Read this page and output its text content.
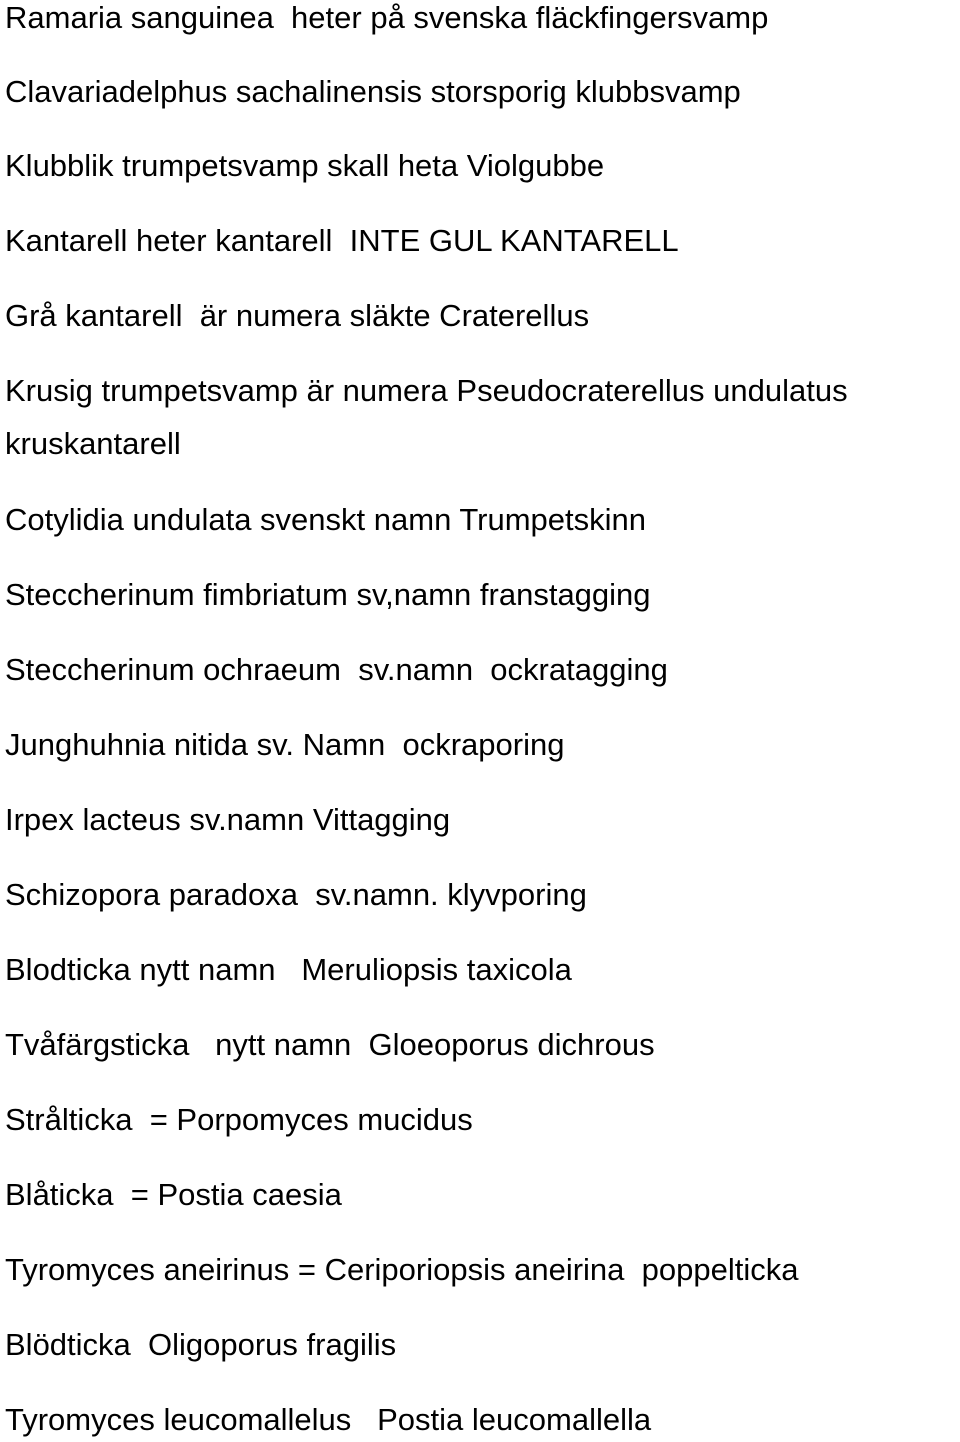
Ramaria sanguinea  heter på svenska fläckfingersvamp
Clavariadelphus sachalinensis storsporig klubbsvamp
Klubblik trumpetsvamp skall heta Violgubbe
Kantarell heter kantarell  INTE GUL KANTARELL
Grå kantarell  är numera släkte Craterellus
Krusig trumpetsvamp är numera Pseudocraterellus undulatus
kruskantarell
Cotylidia undulata svenskt namn Trumpetskinn
Steccherinum fimbriatum sv,namn franstagging
Steccherinum ochraeum  sv.namn  ockratagging
Junghuhnia nitida sv. Namn  ockraporing
Irpex lacteus sv.namn Vittagging
Schizopora paradoxa  sv.namn. klyvporing
Blodticka nytt namn   Meruliopsis taxicola
Tvåfärgsticka   nytt namn  Gloeoporus dichrous
Strålticka  = Porpomyces mucidus
Blåticka  = Postia caesia
Tyromyces aneirinus = Ceriporiopsis aneirina  poppelticka
Blödticka  Oligoporus fragilis
Tyromyces leucomallelus   Postia leucomallella
